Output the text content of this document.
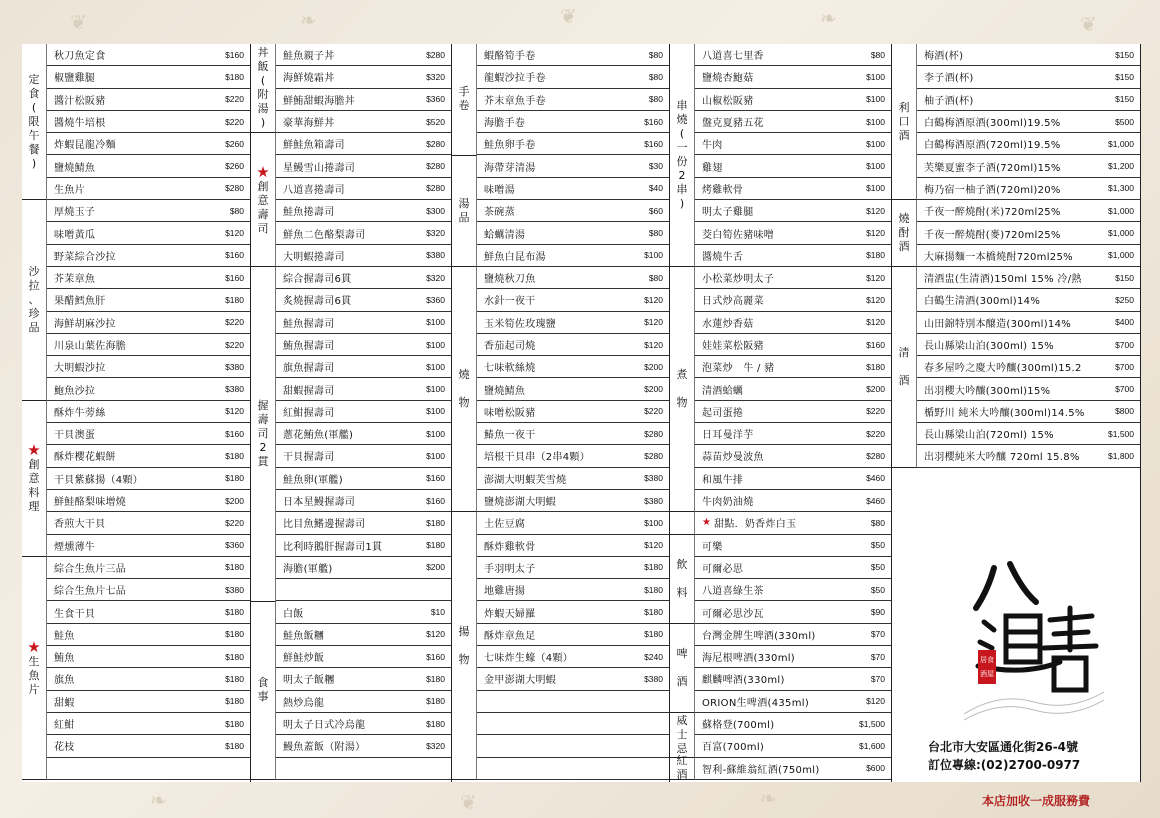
❦	❧	❦	❧	❦
❧	❦	❧
定
食
(
限
午
餐
)
沙
拉
、
珍
品
★
創
意
料
理
★
生
魚
片
秋刀魚定食	$160
椒鹽雞腿	$180
醬汁松阪豬	$220
醬燒牛培根	$220
炸蝦昆龍冷麵	$260
鹽燒鯖魚	$260
生魚片	$280
厚燒玉子	$80
味噌黃瓜	$120
野菜綜合沙拉	$160
芥茉章魚	$160
果醋鱈魚肝	$180
海鮮胡麻沙拉	$220
川泉山葉佐海膽	$220
大明蝦沙拉	$380
鮑魚沙拉	$380
酥炸牛蒡絲	$120
干貝澳蛋	$160
酥炸櫻花蝦餅	$180
干貝紫蘇揚（4顆）	$180
鮮鮭酪梨味增燒	$200
香煎大干貝	$220
煙燻薄牛	$360
綜合生魚片三品	$180
綜合生魚片七品	$380
生食干貝	$180
鮭魚	$180
鮪魚	$180
旗魚	$180
甜蝦	$180
紅魽	$180
花枝	$180
丼
飯
(
附
湯
)
★
創
意
壽
司
握
壽
司
2
貫
食
事
鮭魚親子丼	$280
海鮮燒霜丼	$320
鮮鮪甜蝦海膽丼	$360
豪華海鮮丼	$520
鮮鮭魚箱壽司	$280
星鰻雪山捲壽司	$280
八道喜捲壽司	$280
鮭魚捲壽司	$300
鮮魚二色酪梨壽司	$320
大明蝦捲壽司	$380
綜合握壽司6貫	$320
炙燒握壽司6貫	$360
鮭魚握壽司	$100
鮪魚握壽司	$100
旗魚握壽司	$100
甜蝦握壽司	$100
紅魽握壽司	$100
蔥花鮪魚(軍艦)	$100
干貝握壽司	$100
鮭魚卵(軍艦)	$160
日本星鰻握壽司	$160
比目魚鰭邊握壽司	$180
比利時鵝肝握壽司1貫	$180
海膽(軍艦)	$200
白飯	$10
鮭魚飯糰	$120
鮮鮭炒飯	$160
明太子飯糰	$180
熱炒烏龍	$180
明太子日式冷烏龍	$180
鰻魚蓋飯（附湯）	$320
手
卷
湯
品
燒
物
揚
物
蝦酪筍手卷	$80
龍蝦沙拉手卷	$80
芥末章魚手卷	$80
海膽手卷	$160
鮭魚卵手卷	$160
海帶芽清湯	$30
味噌湯	$40
茶碗蒸	$60
蛤蠣清湯	$80
鮮魚白昆布湯	$100
鹽燒秋刀魚	$80
水針一夜干	$120
玉米筍佐玫瑰鹽	$120
香茄起司燒	$120
七味軟絲燒	$200
鹽燒鯖魚	$200
味噌松阪豬	$220
鰆魚一夜干	$280
培根干貝串（2串4顆）	$280
澎湖大明蝦芙雪燒	$380
鹽燒澎湖大明蝦	$380
土佐豆腐	$100
酥炸雞軟骨	$120
手羽明太子	$180
地雞唐揚	$180
炸蝦天婦羅	$180
酥炸章魚足	$180
七味炸生蠔（4顆）	$240
金甲澎湖大明蝦	$380
串
燒
(
一
份
2
串
)
煮
物
飲
料
啤
酒
威
士
忌
紅
酒
八道喜七里香	$80
鹽燒杏鮑菇	$100
山椒松阪豬	$100
盤克夏豬五花	$100
牛肉	$100
雞翅	$100
烤雞軟骨	$100
明太子雞腿	$120
茭白筍佐豬味噌	$120
醬燒牛舌	$180
小松菜炒明太子	$120
日式炒高麗菜	$120
水蓮炒香菇	$120
娃娃菜松阪豬	$160
泡菜炒　牛 / 豬	$180
清酒蛤蠣	$200
起司蛋捲	$220
日耳曼洋芋	$220
蒜苗炒曼波魚	$280
和風牛排	$460
牛肉奶油燒	$460
★ 甜點．奶香炸白玉	$80
可樂	$50
可爾必思	$50
八道喜綠生茶	$50
可爾必思沙瓦	$90
台灣金牌生啤酒(330ml)	$70
海尼根啤酒(330ml)	$70
麒麟啤酒(330ml)	$70
ORION生啤酒(435ml)	$120
蘇格登(700ml)	$1,500
百富(700ml)	$1,600
智利-蘇維翁紅酒(750ml)	$600
利
口
酒
燒
酎
酒
清
酒
梅酒(杯)	$150
李子酒(杯)	$150
柚子酒(杯)	$150
白鶴梅酒原酒(300ml)19.5%	$500
白鶴梅酒原酒(720ml)19.5%	$1,000
芙樂夏蜜李子酒(720ml)15%	$1,200
梅乃宿一柚子酒(720ml)20%	$1,300
千夜一醉燒酎(米)720ml25%	$1,000
千夜一醉燒酎(麥)720ml25%	$1,000
大麻揚麵一本橋燒酎720ml25%	$1,000
清酒盅(生清酒)150ml 15% 冷/熱	$150
白鶴生清酒(300ml)14%	$250
山田錦特別本醸造(300ml)14%	$400
長山縣梁山泊(300ml) 15%	$700
春多屋吟之慶大吟釀(300ml)15.2	$700
出羽櫻大吟釀(300ml)15%	$700
楯野川 純米大吟釀(300ml)14.5%	$800
長山縣梁山泊(720ml) 15%	$1,500
出羽櫻純米大吟釀 720ml 15.8%	$1,800
居食
酒屋
台北市大安區通化街26-4號
訂位專線:(02)2700-0977
本店加收一成服務費
